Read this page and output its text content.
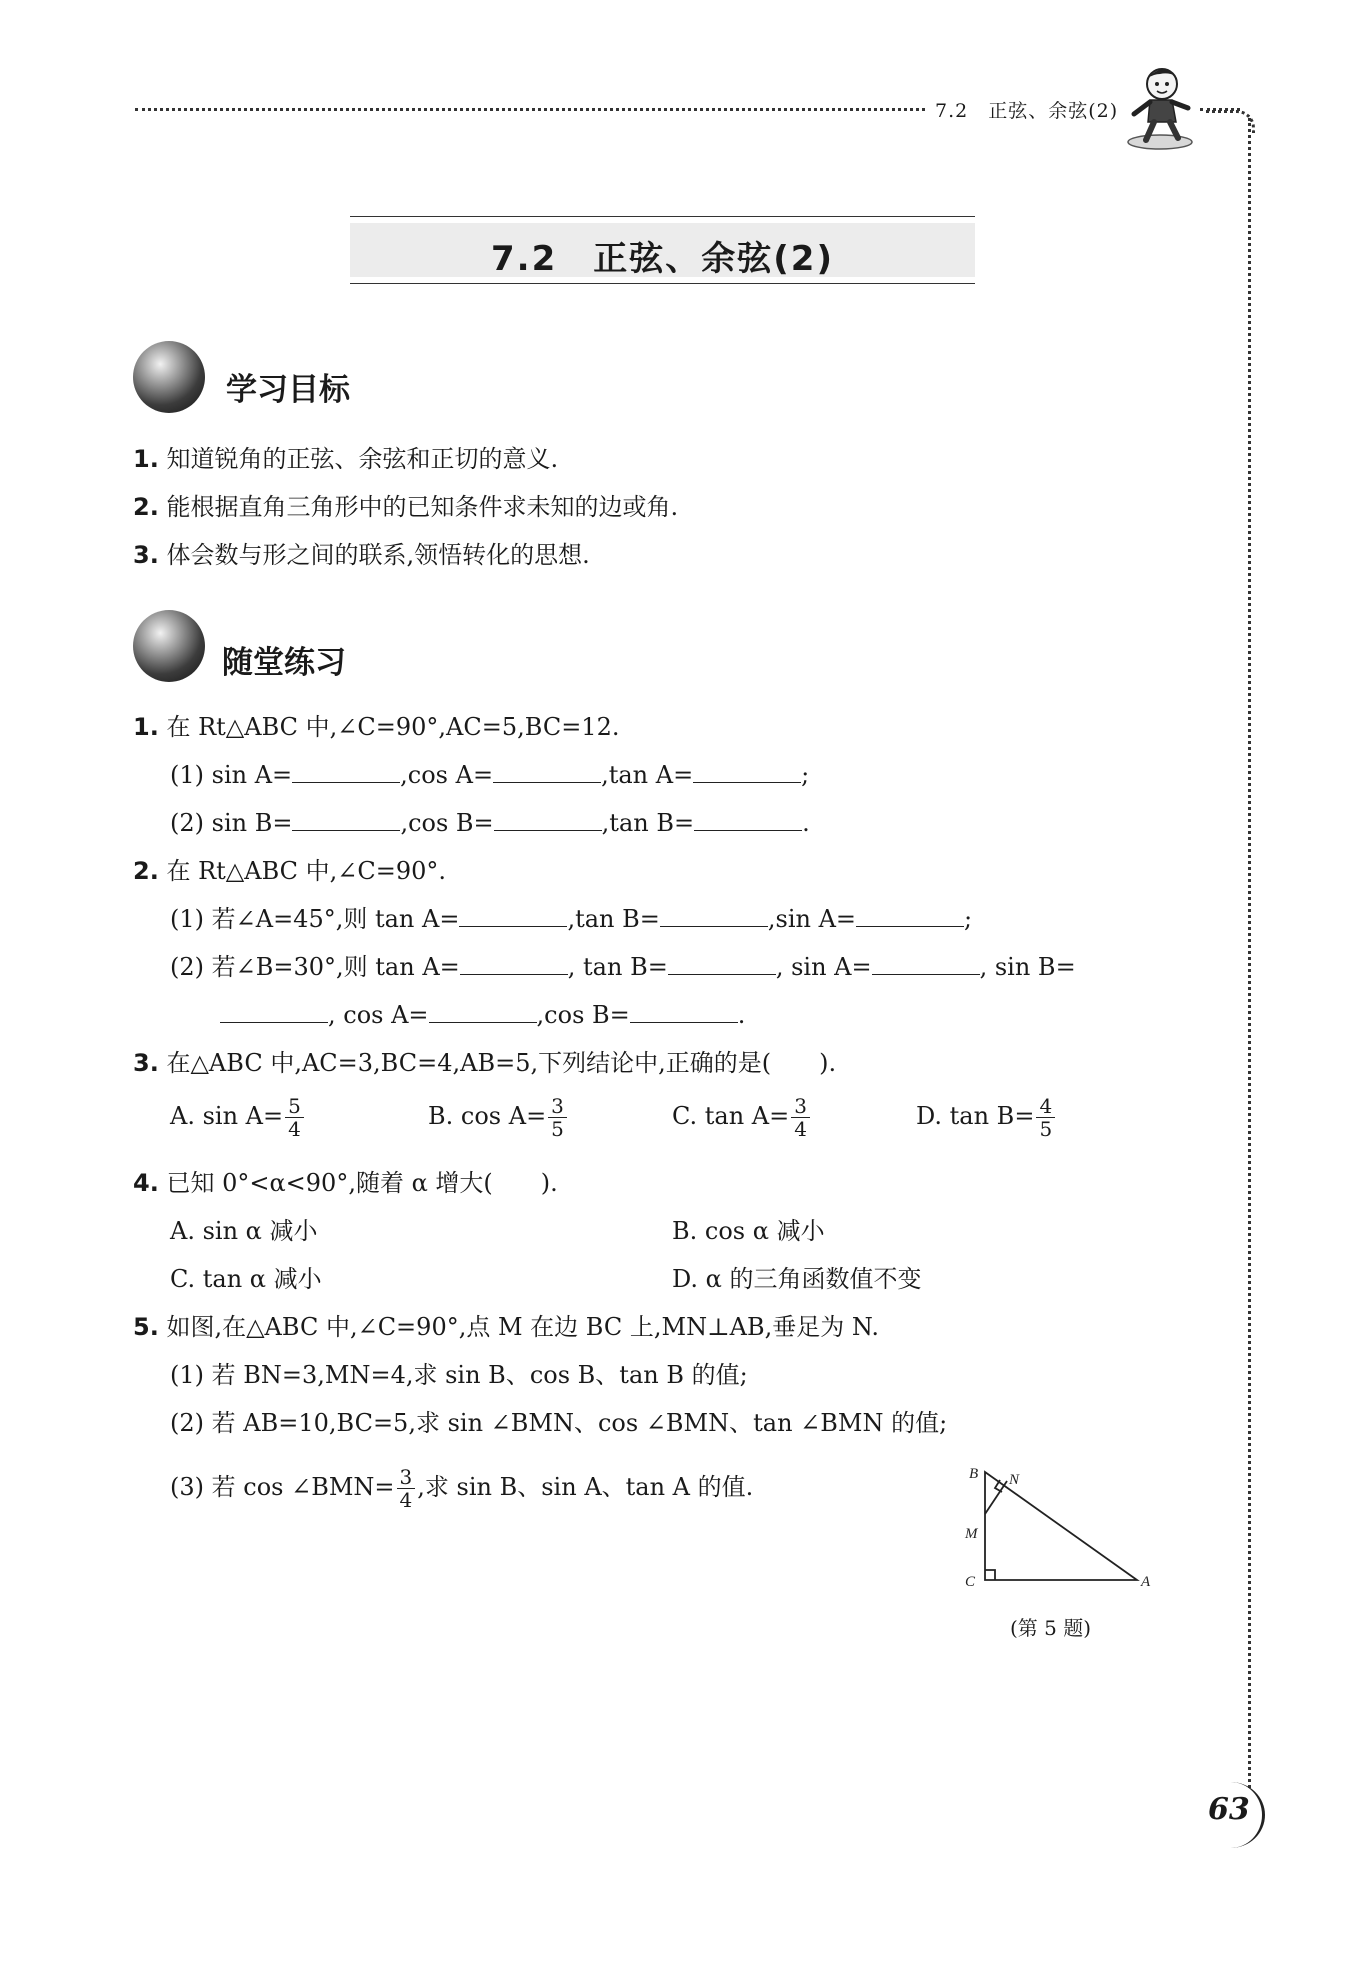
7.2　正弦、余弦(2)
7.2　正弦、余弦(2)
学习目标
1. 知道锐角的正弦、余弦和正切的意义.
2. 能根据直角三角形中的已知条件求未知的边或角.
3. 体会数与形之间的联系,领悟转化的思想.
随堂练习
1. 在 Rt△ABC 中,∠C=90°,AC=5,BC=12.
(1) sin A=	,cos A=	,tan A=	;
(2) sin B=	,cos B=	,tan B=	.
2. 在 Rt△ABC 中,∠C=90°.
(1) 若∠A=45°,则 tan A=	,tan B=	,sin A=	;
(2) 若∠B=30°,则 tan A=	, tan B=	, sin A=	, sin B=
, cos A=	,cos B=	.
3. 在△ABC 中,AC=3,BC=4,AB=5,下列结论中,正确的是(　　).
A. $\sin A= \frac{5}{4}$	B. $\cos A= \frac{3}{5}$	C. $\tan A= \frac{3}{4}$	D. $\tan B= \frac{4}{5}$
4. 已知 0°<α<90°,随着 α 增大(　　).
A. sin α 减小	B. cos α 减小
C. tan α 减小	D. α 的三角函数值不变
5. 如图,在△ABC 中,∠C=90°,点 M 在边 BC 上,MN⊥AB,垂足为 N.
(1) 若 BN=3,MN=4,求 sin B、cos B、tan B 的值;
(2) 若 AB=10,BC=5,求 sin ∠BMN、cos ∠BMN、tan ∠BMN 的值;
(3) 若 cos ∠BMN= $\frac{3}{4}$ ,求 sin B、sin A、tan A 的值.	B N
M
C	A
(第 5 题)
63
